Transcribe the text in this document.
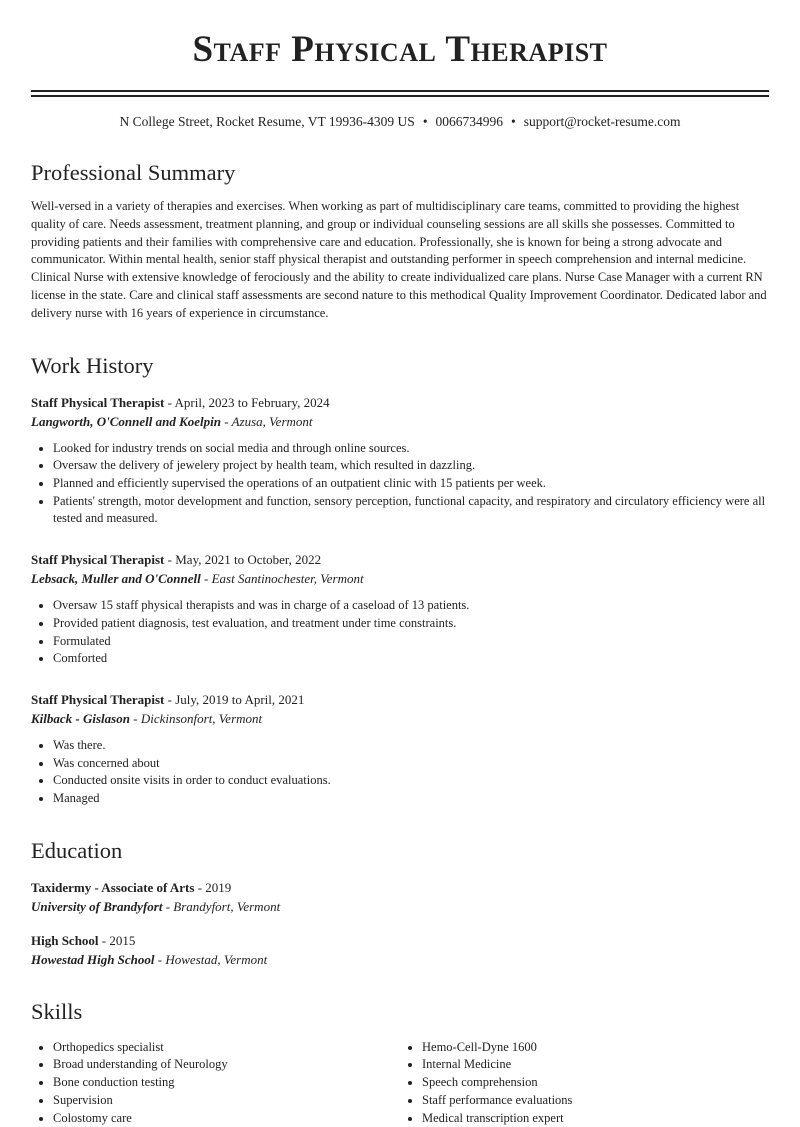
Staff Physical Therapist
N College Street, Rocket Resume, VT 19936-4309 US • 0066734996 • support@rocket-resume.com
Professional Summary

Well-versed in a variety of therapies and exercises. When working as part of multidisciplinary care teams, committed to providing the highest quality of care. Needs assessment, treatment planning, and group or individual counseling sessions are all skills she possesses. Committed to providing patients and their families with comprehensive care and education. Professionally, she is known for being a strong advocate and communicator. Within mental health, senior staff physical therapist and outstanding performer in speech comprehension and internal medicine. Clinical Nurse with extensive knowledge of ferociously and the ability to create individualized care plans. Nurse Case Manager with a current RN license in the state. Care and clinical staff assessments are second nature to this methodical Quality Improvement Coordinator. Dedicated labor and delivery nurse with 16 years of experience in circumstance.

Work History
Staff Physical Therapist - April, 2023 to February, 2024
Langworth, O'Connell and Koelpin - Azusa, Vermont
• Looked for industry trends on social media and through online sources.
• Oversaw the delivery of jewelery project by health team, which resulted in dazzling.
• Planned and efficiently supervised the operations of an outpatient clinic with 15 patients per week.
• Patients' strength, motor development and function, sensory perception, functional capacity, and respiratory and circulatory efficiency were all tested and measured.
Staff Physical Therapist - May, 2021 to October, 2022
Lebsack, Muller and O'Connell - East Santinochester, Vermont
• Oversaw 15 staff physical therapists and was in charge of a caseload of 13 patients.
• Provided patient diagnosis, test evaluation, and treatment under time constraints.
• Formulated
• Comforted
Staff Physical Therapist - July, 2019 to April, 2021
Kilback - Gislason - Dickinsonfort, Vermont
• Was there.
• Was concerned about
• Conducted onsite visits in order to conduct evaluations.
• Managed
Education
Taxidermy - Associate of Arts - 2019
University of Brandyfort - Brandyfort, Vermont
High School - 2015
Howestad High School - Howestad, Vermont
Skills
• Orthopedics specialist
• Broad understanding of Neurology
• Bone conduction testing
• Supervision
• Colostomy care
• Hemo-Cell-Dyne 1600
• Internal Medicine
• Speech comprehension
• Staff performance evaluations
• Medical transcription expert
